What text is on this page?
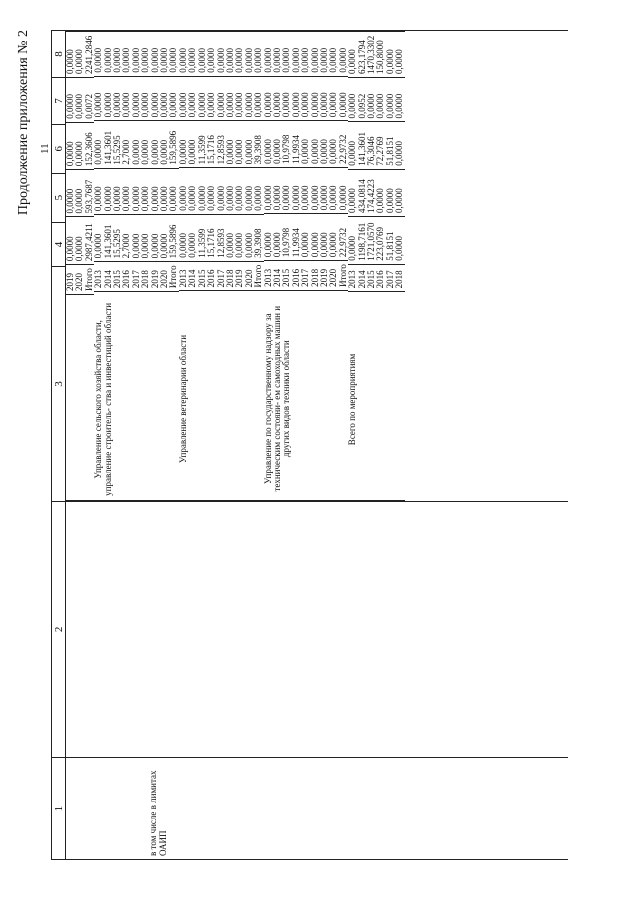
Продолжение приложения № 2
	11
1	2	3	4	5	6	7	8

в том числе в лимитах ОАИП

	2019	0,0000	0,0000	0,0000	0,0000	0,0000
2020	0,0000	0,0000	0,0000	0,0000	0,0000
Итого	2987,4211	593,7687	152,3606	0,0072	2241,2846
Управление сельского хозяйства области, управление строитель- ства и инвестиций области	2013	0,0000	0,0000	0,0000	0,0000	0,0000
2014	141,3601	0,0000	141,3601	0,0000	0,0000
2015	15,5295	0,0000	15,5295	0,0000	0,0000
2016	2,7000	0,0000	2,7000	0,0000	0,0000
2017	0,0000	0,0000	0,0000	0,0000	0,0000
2018	0,0000	0,0000	0,0000	0,0000	0,0000
2019	0,0000	0,0000	0,0000	0,0000	0,0000
2020	0,0000	0,0000	0,0000	0,0000	0,0000
Итого	159,5896	0,0000	159,5896	0,0000	0,0000
Управление ветеринарии области	2013	0,0000	0,0000	0,0000	0,0000	0,0000
2014	0,0000	0,0000	0,0000	0,0000	0,0000
2015	11,3599	0,0000	11,3599	0,0000	0,0000
2016	15,1716	0,0000	15,1716	0,0000	0,0000
2017	12,8593	0,0000	12,8593	0,0000	0,0000
2018	0,0000	0,0000	0,0000	0,0000	0,0000
2019	0,0000	0,0000	0,0000	0,0000	0,0000
2020	0,0000	0,0000	0,0000	0,0000	0,0000
Итого	39,3908	0,0000	39,3908	0,0000	0,0000
Управление по государственному надзору за техническим состояни- ем самоходных машин и других видов техники области	2013	0,0000	0,0000	0,0000	0,0000	0,0000
2014	0,0000	0,0000	0,0000	0,0000	0,0000
2015	10,9798	0,0000	10,9798	0,0000	0,0000
2016	11,9934	0,0000	11,9934	0,0000	0,0000
2017	0,0000	0,0000	0,0000	0,0000	0,0000
2018	0,0000	0,0000	0,0000	0,0000	0,0000
2019	0,0000	0,0000	0,0000	0,0000	0,0000
2020	0,0000	0,0000	0,0000	0,0000	0,0000
Итого	22,9732	0,0000	22,9732	0,0000	0,0000
Всего по мероприятиям	2013	0,0000	0,0000	0,0000	0,0000	0,0000
2014	1198,7161	434,0814	141,3601	0,0952	623,1794
2015	1721,0570	174,4223	76,3046	0,0000	1470,3302
2016	223,0769	0,0000	72,2769	0,0000	150,8000
2017	51,8151	0,0000	51,8151	0,0000	0,0000
2018	0,0000	0,0000	0,0000	0,0000	0,0000
